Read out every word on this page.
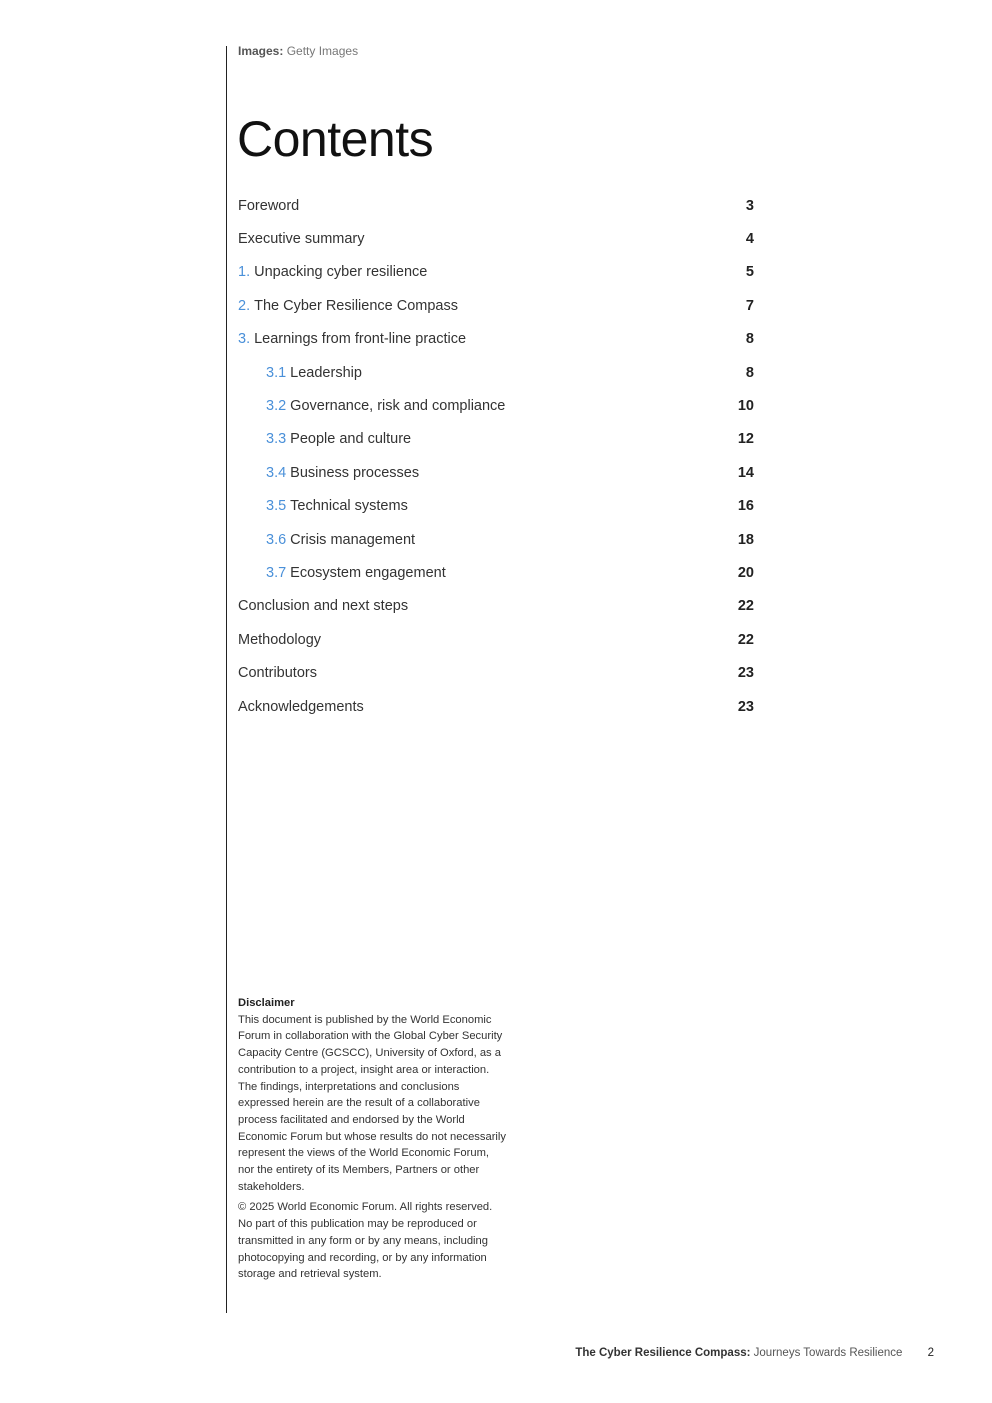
Images: Getty Images
Contents
Foreword	3
Executive summary	4
1. Unpacking cyber resilience	5
2. The Cyber Resilience Compass	7
3. Learnings from front-line practice	8
3.1 Leadership	8
3.2 Governance, risk and compliance	10
3.3 People and culture	12
3.4 Business processes	14
3.5 Technical systems	16
3.6 Crisis management	18
3.7 Ecosystem engagement	20
Conclusion and next steps	22
Methodology	22
Contributors	23
Acknowledgements	23
Disclaimer

This document is published by the World Economic Forum in collaboration with the Global Cyber Security Capacity Centre (GCSCC), University of Oxford, as a contribution to a project, insight area or interaction. The findings, interpretations and conclusions expressed herein are the result of a collaborative process facilitated and endorsed by the World Economic Forum but whose results do not necessarily represent the views of the World Economic Forum, nor the entirety of its Members, Partners or other stakeholders.

© 2025 World Economic Forum. All rights reserved. No part of this publication may be reproduced or transmitted in any form or by any means, including photocopying and recording, or by any information storage and retrieval system.

The Cyber Resilience Compass: Journeys Towards Resilience 2
